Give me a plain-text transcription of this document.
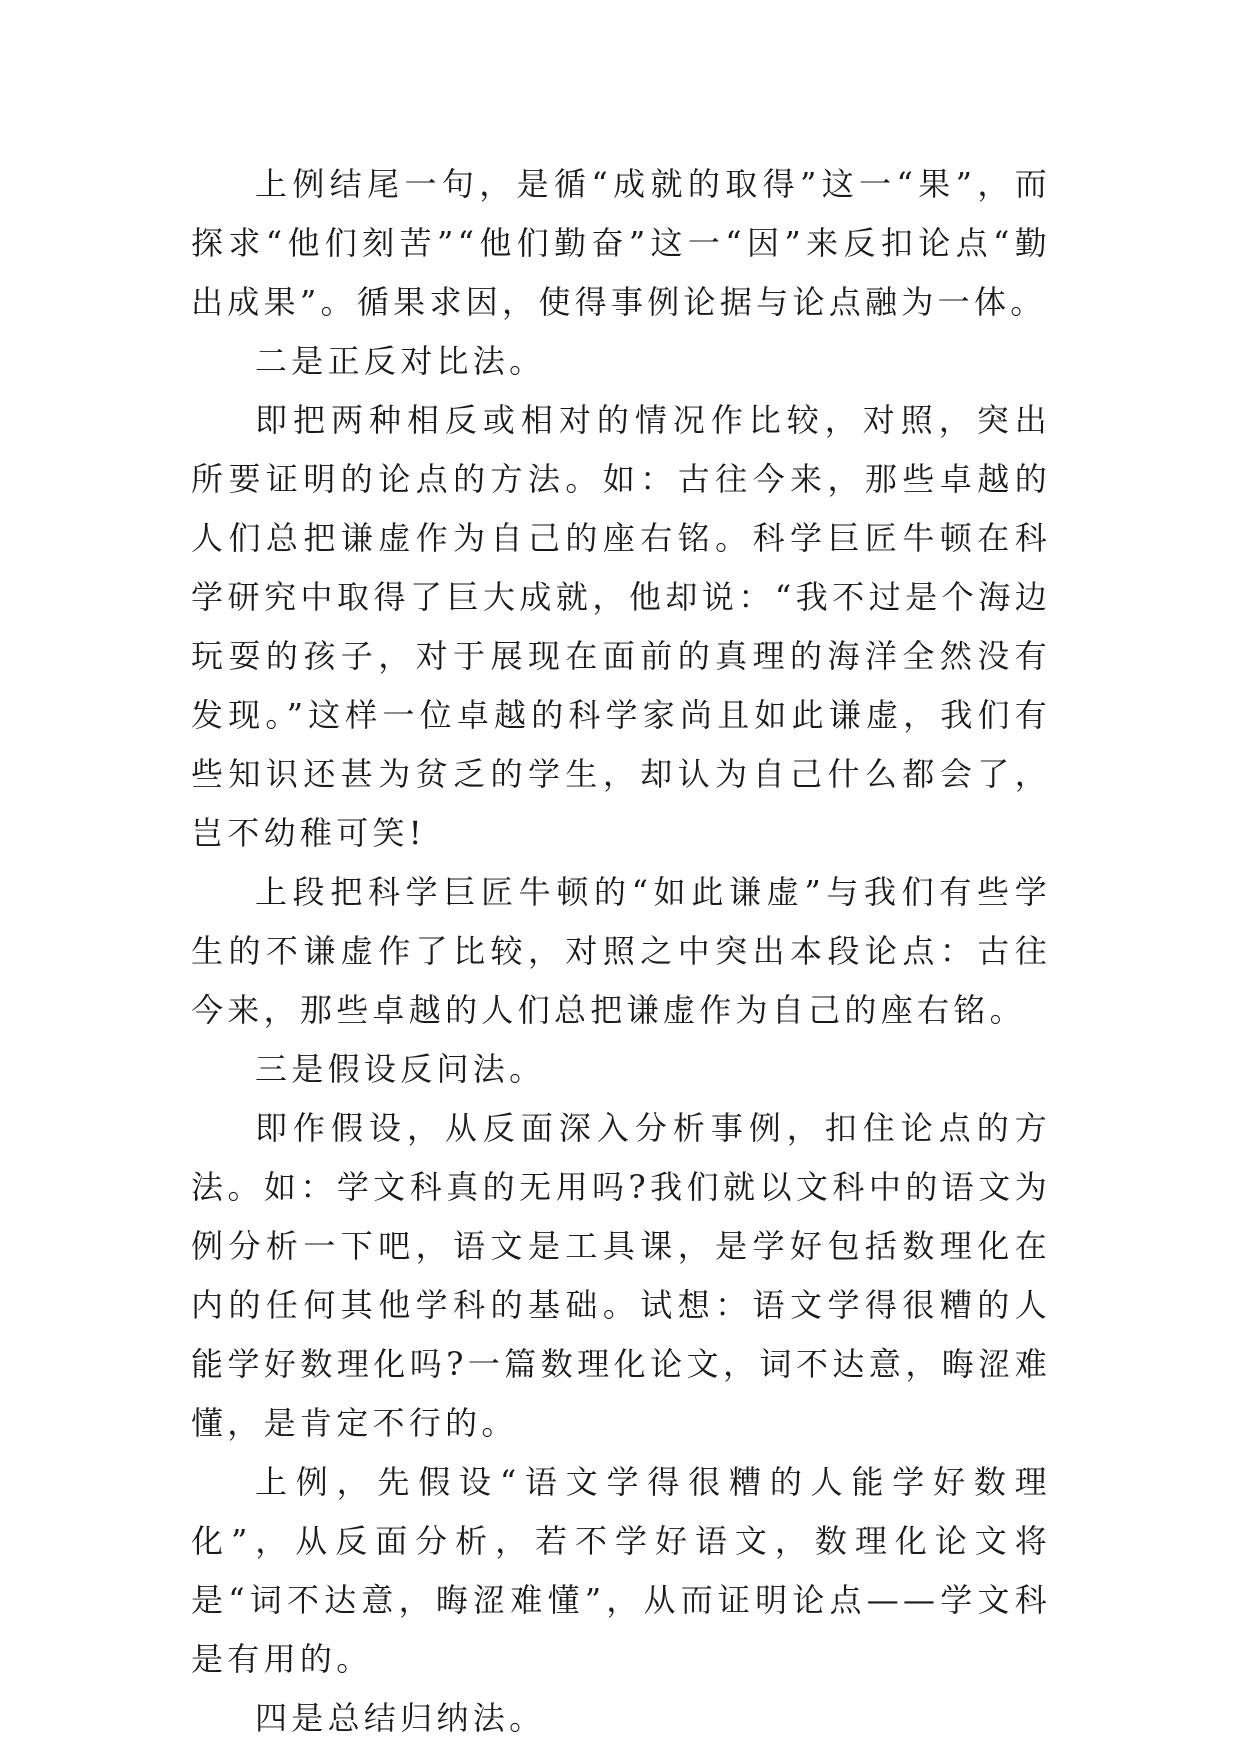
上例结尾一句，是循“成就的取得”这一“果”，而探求“他们刻苦”“他们勤奋”这一“因”来反扣论点“勤出成果”。循果求因，使得事例论据与论点融为一体。

二是正反对比法。

即把两种相反或相对的情况作比较，对照，突出所要证明的论点的方法。如：古往今来，那些卓越的人们总把谦虚作为自己的座右铭。科学巨匠牛顿在科学研究中取得了巨大成就，他却说：“我不过是个海边玩耍的孩子，对于展现在面前的真理的海洋全然没有发现。”这样一位卓越的科学家尚且如此谦虚，我们有些知识还甚为贫乏的学生，却认为自己什么都会了，岂不幼稚可笑!

上段把科学巨匠牛顿的“如此谦虚”与我们有些学生的不谦虚作了比较，对照之中突出本段论点：古往今来，那些卓越的人们总把谦虚作为自己的座右铭。

三是假设反问法。

即作假设，从反面深入分析事例，扣住论点的方法。如：学文科真的无用吗?我们就以文科中的语文为例分析一下吧，语文是工具课，是学好包括数理化在内的任何其他学科的基础。试想：语文学得很糟的人能学好数理化吗?一篇数理化论文，词不达意，晦涩难懂，是肯定不行的。

上例，先假设“语文学得很糟的人能学好数理化”，从反面分析，若不学好语文，数理化论文将是“词不达意，晦涩难懂”，从而证明论点——学文科是有用的。

四是总结归纳法。
